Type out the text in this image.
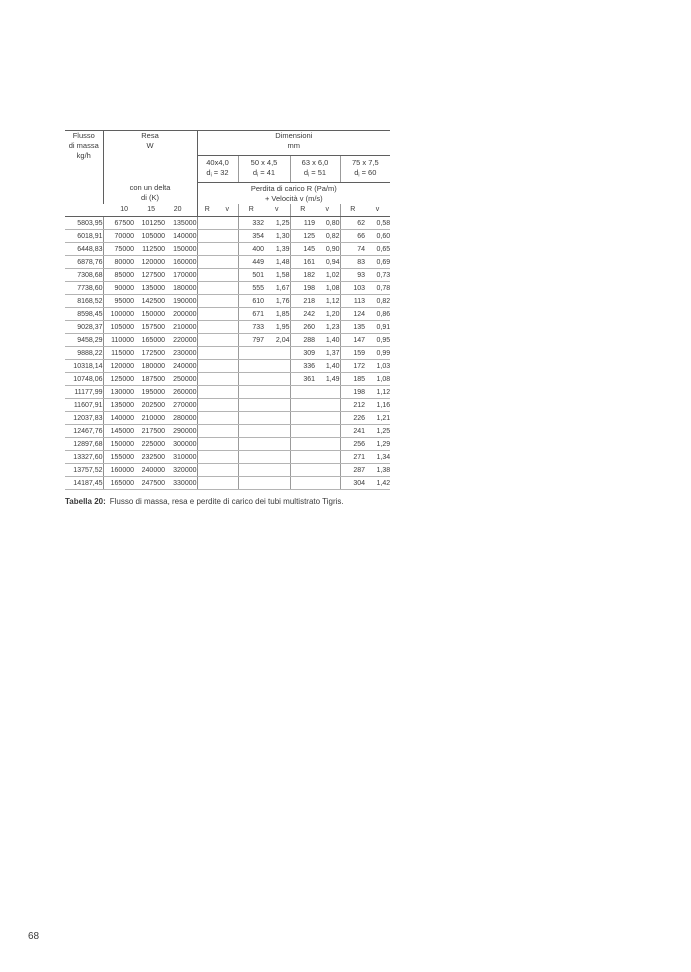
Flusso
di massa
kg/h

Resa
W

Dimensioni
mm

40x4,0
$d_i = 32$

50 x 4,5
$d_i = 41$

63 x 6,0
$d_i = 51$

75 x 7,5
$d_i = 60$

con un delta
di (K)

Perdita di carico R (Pa/m)
+ Velocità v (m/s)

	10	15	20	R	v	R	v	R	v	R	v
5803,95	67500	101250	135000			332	1,25	119	0,80	62	0,58
6018,91	70000	105000	140000			354	1,30	125	0,82	66	0,60
6448,83	75000	112500	150000			400	1,39	145	0,90	74	0,65
6878,76	80000	120000	160000			449	1,48	161	0,94	83	0,69
7308,68	85000	127500	170000			501	1,58	182	1,02	93	0,73
7738,60	90000	135000	180000			555	1,67	198	1,08	103	0,78
8168,52	95000	142500	190000			610	1,76	218	1,12	113	0,82
8598,45	100000	150000	200000			671	1,85	242	1,20	124	0,86
9028,37	105000	157500	210000			733	1,95	260	1,23	135	0,91
9458,29	110000	165000	220000			797	2,04	288	1,40	147	0,95
9888,22	115000	172500	230000					309	1,37	159	0,99
10318,14	120000	180000	240000					336	1,40	172	1,03
10748,06	125000	187500	250000					361	1,49	185	1,08
11177,99	130000	195000	260000							198	1,12
11607,91	135000	202500	270000							212	1,16
12037,83	140000	210000	280000							226	1,21
12467,76	145000	217500	290000							241	1,25
12897,68	150000	225000	300000							256	1,29
13327,60	155000	232500	310000							271	1,34
13757,52	160000	240000	320000							287	1,38
14187,45	165000	247500	330000							304	1,42
Tabella 20: Flusso di massa, resa e perdite di carico dei tubi multistrato Tigris.
68
